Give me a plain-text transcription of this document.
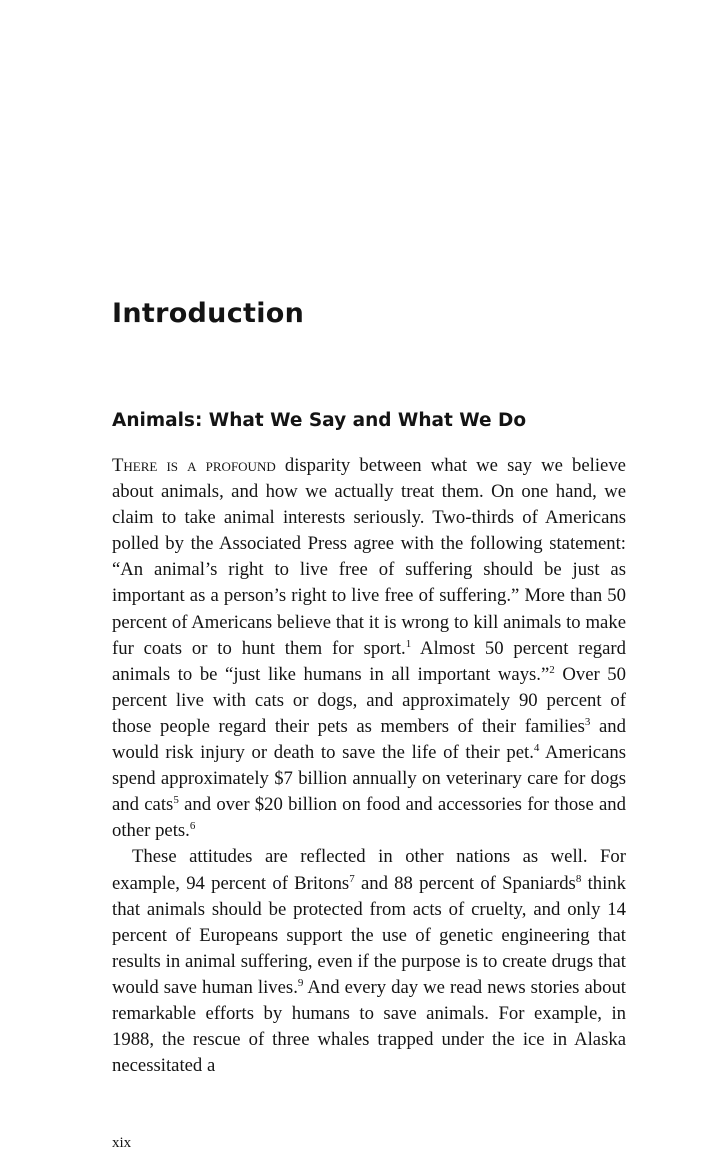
Introduction
Animals: What We Say and What We Do

There is a profound disparity between what we say we believe about animals, and how we actually treat them. On one hand, we claim to take animal interests seriously. Two-thirds of Americans polled by the Associated Press agree with the following statement: “An animal’s right to live free of suffering should be just as important as a person’s right to live free of suffering.” More than 50 percent of Americans believe that it is wrong to kill animals to make fur coats or to hunt them for sport.$^1$ Almost 50 percent regard animals to be “just like humans in all important ways.”$^2$ Over 50 percent live with cats or dogs, and approximately 90 percent of those people regard their pets as members of their families$^3$ and would risk injury or death to save the life of their pet.$^4$ Americans spend approximately $7 billion annually on veterinary care for dogs and cats$^5$ and over $20 billion on food and accessories for those and other pets.$^6$

These attitudes are reflected in other nations as well. For example, 94 percent of Britons$^7$ and 88 percent of Spaniards$^8$ think that animals should be protected from acts of cruelty, and only 14 percent of Europeans support the use of genetic engineering that results in animal suffering, even if the purpose is to create drugs that would save human lives.$^9$ And every day we read news stories about remarkable efforts by humans to save animals. For example, in 1988, the rescue of three whales trapped under the ice in Alaska necessitated a

xix
